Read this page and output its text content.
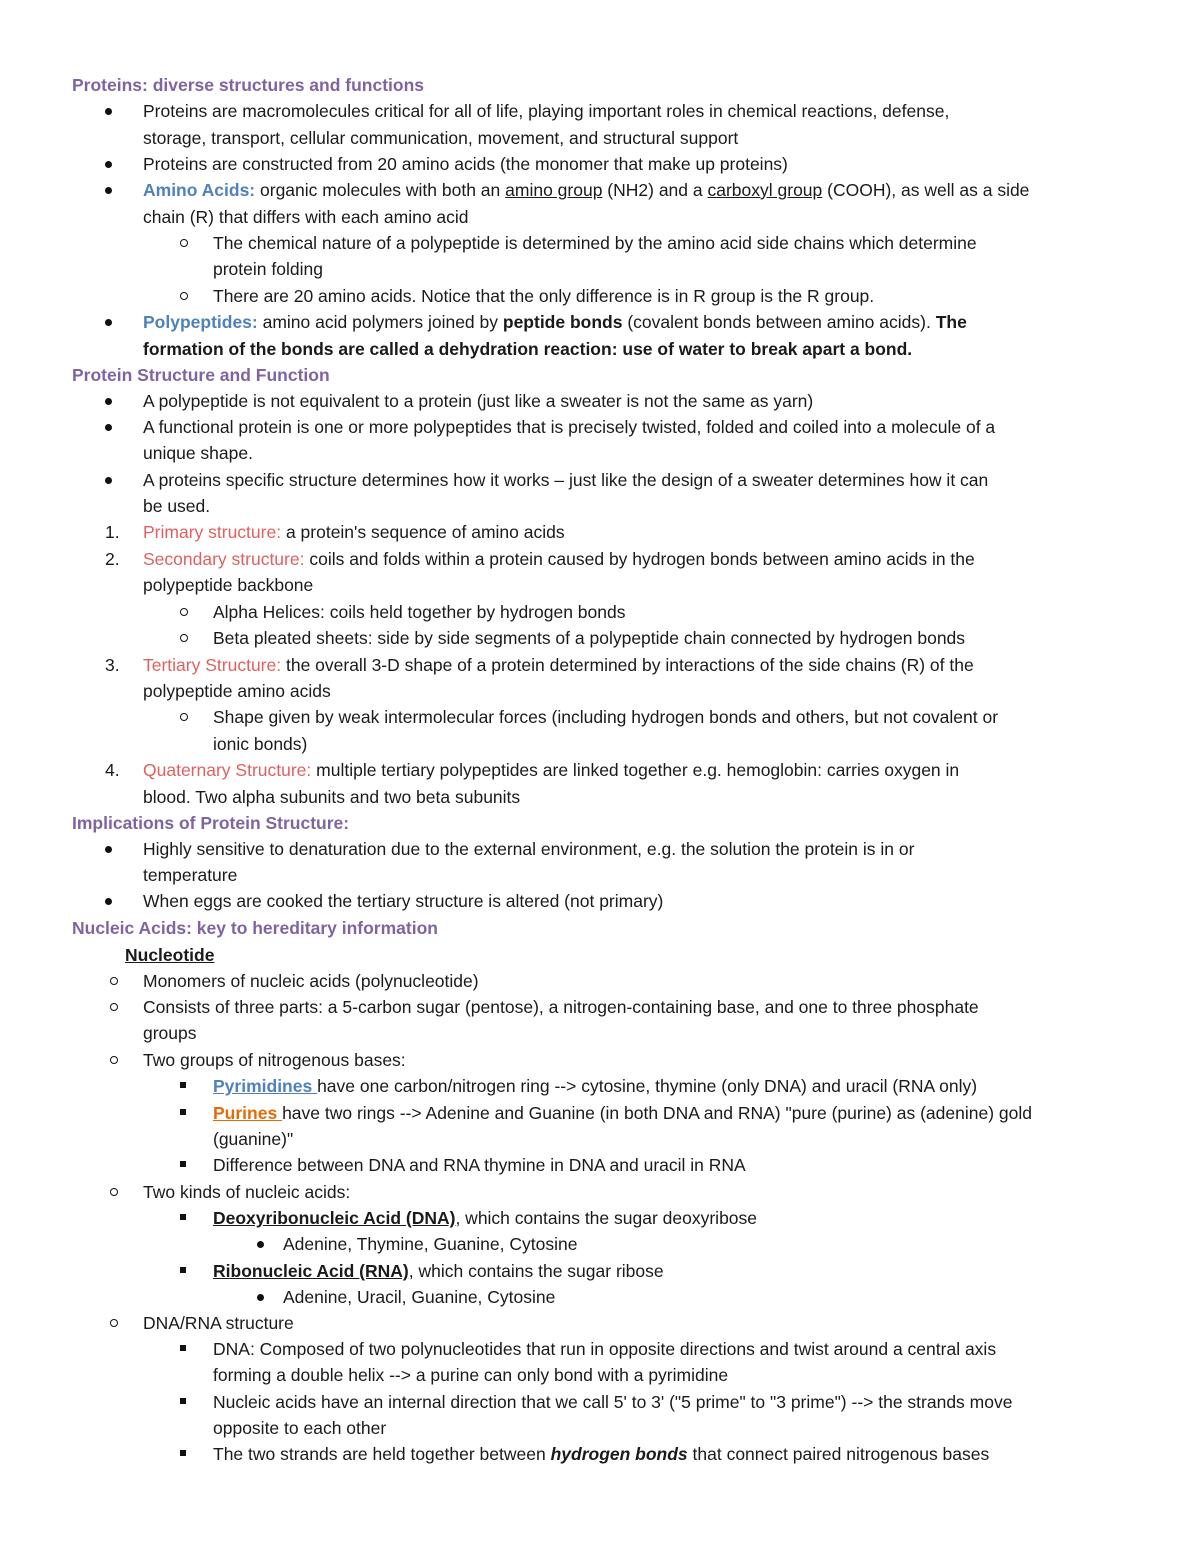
Proteins: diverse structures and functions
Proteins are macromolecules critical for all of life, playing important roles in chemical reactions, defense,
storage, transport, cellular communication, movement, and structural support
Proteins are constructed from 20 amino acids (the monomer that make up proteins)
Amino Acids: organic molecules with both an amino group (NH2) and a carboxyl group (COOH), as well as a side
chain (R) that differs with each amino acid
The chemical nature of a polypeptide is determined by the amino acid side chains which determine
protein folding
There are 20 amino acids. Notice that the only difference is in R group is the R group.
Polypeptides: amino acid polymers joined by peptide bonds (covalent bonds between amino acids). The
formation of the bonds are called a dehydration reaction: use of water to break apart a bond.
Protein Structure and Function
A polypeptide is not equivalent to a protein (just like a sweater is not the same as yarn)
A functional protein is one or more polypeptides that is precisely twisted, folded and coiled into a molecule of a
unique shape.
A proteins specific structure determines how it works – just like the design of a sweater determines how it can
be used.
1. Primary structure: a protein's sequence of amino acids
2. Secondary structure: coils and folds within a protein caused by hydrogen bonds between amino acids in the
polypeptide backbone
Alpha Helices: coils held together by hydrogen bonds
Beta pleated sheets: side by side segments of a polypeptide chain connected by hydrogen bonds
3. Tertiary Structure: the overall 3-D shape of a protein determined by interactions of the side chains (R) of the
polypeptide amino acids
Shape given by weak intermolecular forces (including hydrogen bonds and others, but not covalent or
ionic bonds)
4. Quaternary Structure: multiple tertiary polypeptides are linked together e.g. hemoglobin: carries oxygen in
blood. Two alpha subunits and two beta subunits
Implications of Protein Structure:
Highly sensitive to denaturation due to the external environment, e.g. the solution the protein is in or
temperature
When eggs are cooked the tertiary structure is altered (not primary)
Nucleic Acids: key to hereditary information
Nucleotide
Monomers of nucleic acids (polynucleotide)
Consists of three parts: a 5-carbon sugar (pentose), a nitrogen-containing base, and one to three phosphate
groups
Two groups of nitrogenous bases:
Pyrimidines have one carbon/nitrogen ring --> cytosine, thymine (only DNA) and uracil (RNA only)
Purines have two rings --> Adenine and Guanine (in both DNA and RNA) "pure (purine) as (adenine) gold
(guanine)"
Difference between DNA and RNA thymine in DNA and uracil in RNA
Two kinds of nucleic acids:
Deoxyribonucleic Acid (DNA), which contains the sugar deoxyribose
Adenine, Thymine, Guanine, Cytosine
Ribonucleic Acid (RNA), which contains the sugar ribose
Adenine, Uracil, Guanine, Cytosine
DNA/RNA structure
DNA: Composed of two polynucleotides that run in opposite directions and twist around a central axis
forming a double helix --> a purine can only bond with a pyrimidine
Nucleic acids have an internal direction that we call 5' to 3' ("5 prime" to "3 prime") --> the strands move
opposite to each other
The two strands are held together between hydrogen bonds that connect paired nitrogenous bases
